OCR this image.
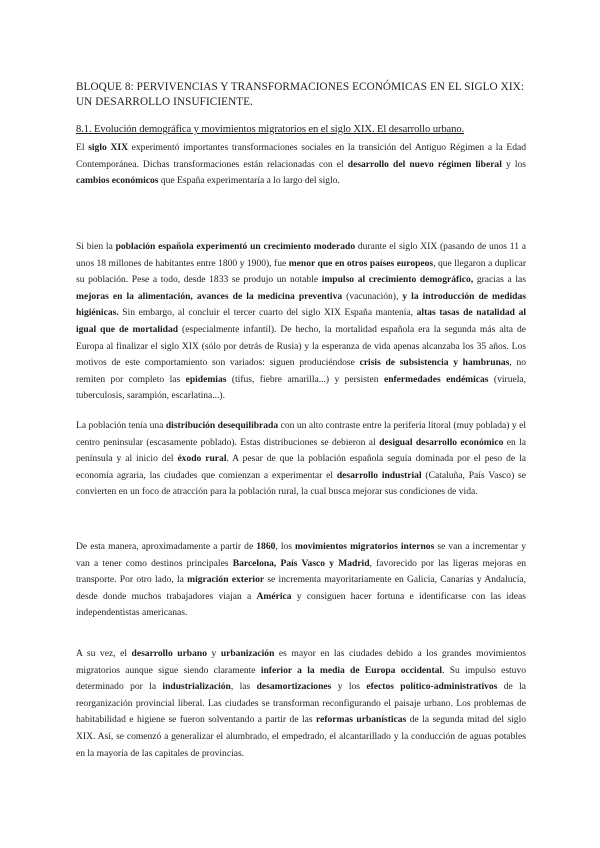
BLOQUE 8: PERVIVENCIAS Y TRANSFORMACIONES ECONÓMICAS EN EL SIGLO XIX: UN DESARROLLO INSUFICIENTE.
8.1. Evolución demográfica y movimientos migratorios en el siglo XIX. El desarrollo urbano.

El siglo XIX experimentó importantes transformaciones sociales en la transición del Antiguo Régimen a la Edad Contemporánea. Dichas transformaciones están relacionadas con el desarrollo del nuevo régimen liberal y los cambios económicos que España experimentaría a lo largo del siglo.

Si bien la población española experimentó un crecimiento moderado durante el siglo XIX (pasando de unos 11 a unos 18 millones de habitantes entre 1800 y 1900), fue menor que en otros países europeos, que llegaron a duplicar su población. Pese a todo, desde 1833 se produjo un notable impulso al crecimiento demográfico, gracias a las mejoras en la alimentación, avances de la medicina preventiva (vacunación), y la introducción de medidas higiénicas. Sin embargo, al concluir el tercer cuarto del siglo XIX España mantenía, altas tasas de natalidad al igual que de mortalidad (especialmente infantil). De hecho, la mortalidad española era la segunda más alta de Europa al finalizar el siglo XIX (sólo por detrás de Rusia) y la esperanza de vida apenas alcanzaba los 35 años. Los motivos de este comportamiento son variados: siguen produciéndose crisis de subsistencia y hambrunas, no remiten por completo las epidemias (tifus, fiebre amarilla...) y persisten enfermedades endémicas (viruela, tuberculosis, sarampión, escarlatina...).

La población tenía una distribución desequilibrada con un alto contraste entre la periferia litoral (muy poblada) y el centro peninsular (escasamente poblado). Estas distribuciones se debieron al desigual desarrollo económico en la península y al inicio del éxodo rural. A pesar de que la población española seguía dominada por el peso de la economía agraria, las ciudades que comienzan a experimentar el desarrollo industrial (Cataluña, País Vasco) se convierten en un foco de atracción para la población rural, la cual busca mejorar sus condiciones de vida.

De esta manera, aproximadamente a partir de 1860, los movimientos migratorios internos se van a incrementar y van a tener como destinos principales Barcelona, País Vasco y Madrid, favorecido por las ligeras mejoras en transporte. Por otro lado, la migración exterior se incrementa mayoritariamente en Galicia, Canarias y Andalucía, desde donde muchos trabajadores viajan a América y consiguen hacer fortuna e identificarse con las ideas independentistas americanas.

A su vez, el desarrollo urbano y urbanización es mayor en las ciudades debido a los grandes movimientos migratorios aunque sigue siendo claramente inferior a la media de Europa occidental. Su impulso estuvo determinado por la industrialización, las desamortizaciones y los efectos político-administrativos de la reorganización provincial liberal. Las ciudades se transforman reconfigurando el paisaje urbano. Los problemas de habitabilidad e higiene se fueron solventando a partir de las reformas urbanísticas de la segunda mitad del siglo XIX. Así, se comenzó a generalizar el alumbrado, el empedrado, el alcantarillado y la conducción de aguas potables en la mayoría de las capitales de provincias.
